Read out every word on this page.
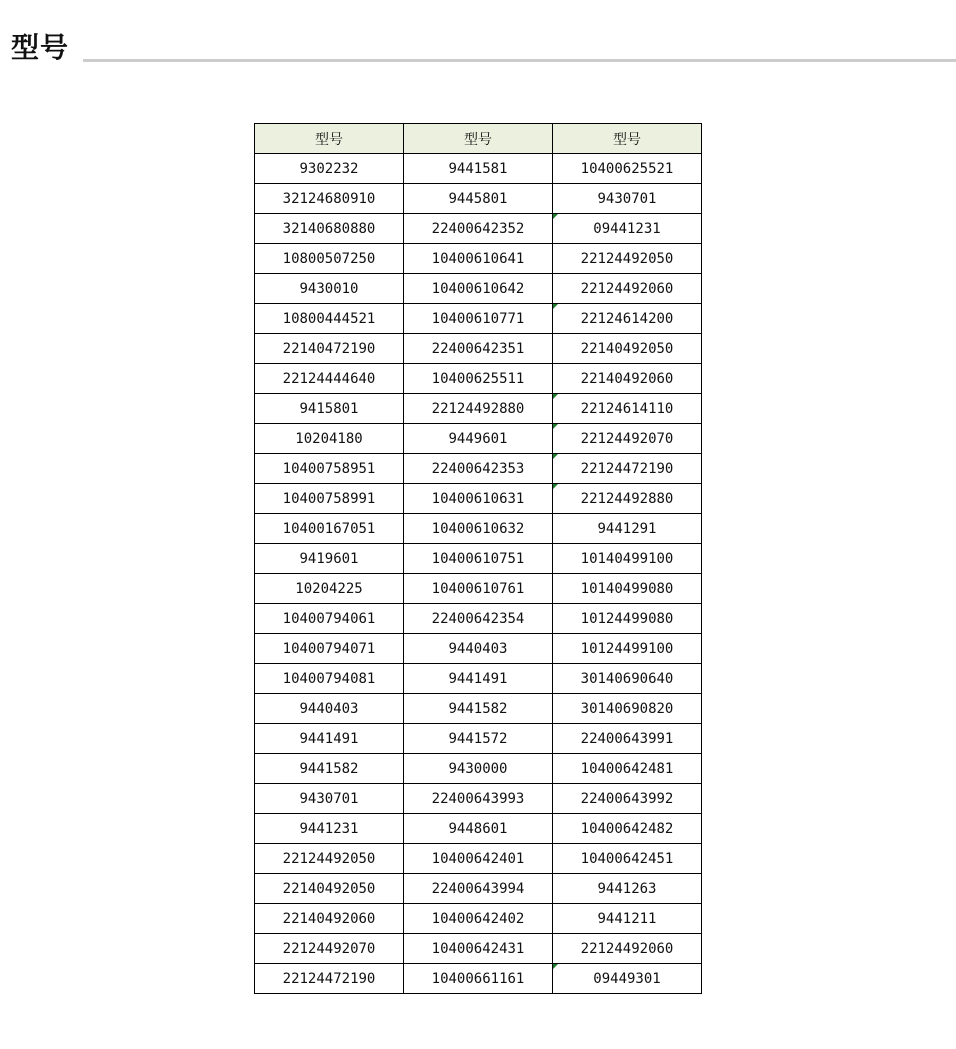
型号
型号	型号	型号
9302232	9441581	10400625521
32124680910	9445801	9430701
32140680880	22400642352	09441231
10800507250	10400610641	22124492050
9430010	10400610642	22124492060
10800444521	10400610771	22124614200
22140472190	22400642351	22140492050
22124444640	10400625511	22140492060
9415801	22124492880	22124614110
10204180	9449601	22124492070
10400758951	22400642353	22124472190
10400758991	10400610631	22124492880
10400167051	10400610632	9441291
9419601	10400610751	10140499100
10204225	10400610761	10140499080
10400794061	22400642354	10124499080
10400794071	9440403	10124499100
10400794081	9441491	30140690640
9440403	9441582	30140690820
9441491	9441572	22400643991
9441582	9430000	10400642481
9430701	22400643993	22400643992
9441231	9448601	10400642482
22124492050	10400642401	10400642451
22140492050	22400643994	9441263
22140492060	10400642402	9441211
22124492070	10400642431	22124492060
22124472190	10400661161	09449301
